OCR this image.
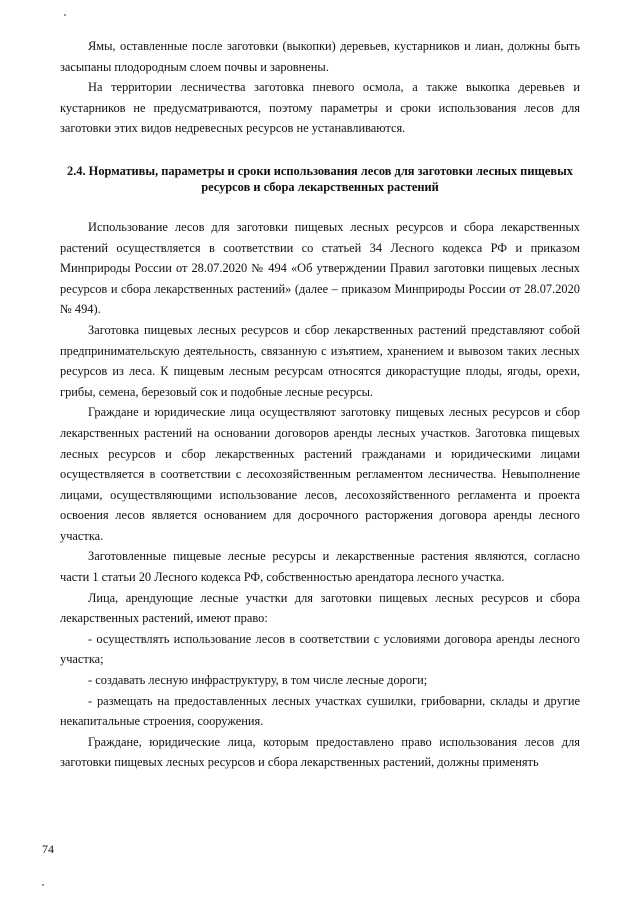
Ямы, оставленные после заготовки (выкопки) деревьев, кустарников и лиан, должны быть засыпаны плодородным слоем почвы и заровнены.

На территории лесничества заготовка пневого осмола, а также выкопка деревьев и кустарников не предусматриваются, поэтому параметры и сроки использования лесов для заготовки этих видов недревесных ресурсов не устанавливаются.

2.4. Нормативы, параметры и сроки использования лесов для заготовки лесных пищевых ресурсов и сбора лекарственных растений

Использование лесов для заготовки пищевых лесных ресурсов и сбора лекарственных растений осуществляется в соответствии со статьей 34 Лесного кодекса РФ и приказом Минприроды России от 28.07.2020 № 494 «Об утверждении Правил заготовки пищевых лесных ресурсов и сбора лекарственных растений» (далее – приказом Минприроды России от 28.07.2020 № 494).

Заготовка пищевых лесных ресурсов и сбор лекарственных растений представляют собой предпринимательскую деятельность, связанную с изъятием, хранением и вывозом таких лесных ресурсов из леса. К пищевым лесным ресурсам относятся дикорастущие плоды, ягоды, орехи, грибы, семена, березовый сок и подобные лесные ресурсы.

Граждане и юридические лица осуществляют заготовку пищевых лесных ресурсов и сбор лекарственных растений на основании договоров аренды лесных участков. Заготовка пищевых лесных ресурсов и сбор лекарственных растений гражданами и юридическими лицами осуществляется в соответствии с лесохозяйственным регламентом лесничества. Невыполнение лицами, осуществляющими использование лесов, лесохозяйственного регламента и проекта освоения лесов является основанием для досрочного расторжения договора аренды лесного участка.

Заготовленные пищевые лесные ресурсы и лекарственные растения являются, согласно части 1 статьи 20 Лесного кодекса РФ, собственностью арендатора лесного участка.

Лица, арендующие лесные участки для заготовки пищевых лесных ресурсов и сбора лекарственных растений, имеют право:

- осуществлять использование лесов в соответствии с условиями договора аренды лесного участка;

- создавать лесную инфраструктуру, в том числе лесные дороги;

- размещать на предоставленных лесных участках сушилки, грибоварни, склады и другие некапитальные строения, сооружения.

Граждане, юридические лица, которым предоставлено право использования лесов для заготовки пищевых лесных ресурсов и сбора лекарственных растений, должны применять

74
